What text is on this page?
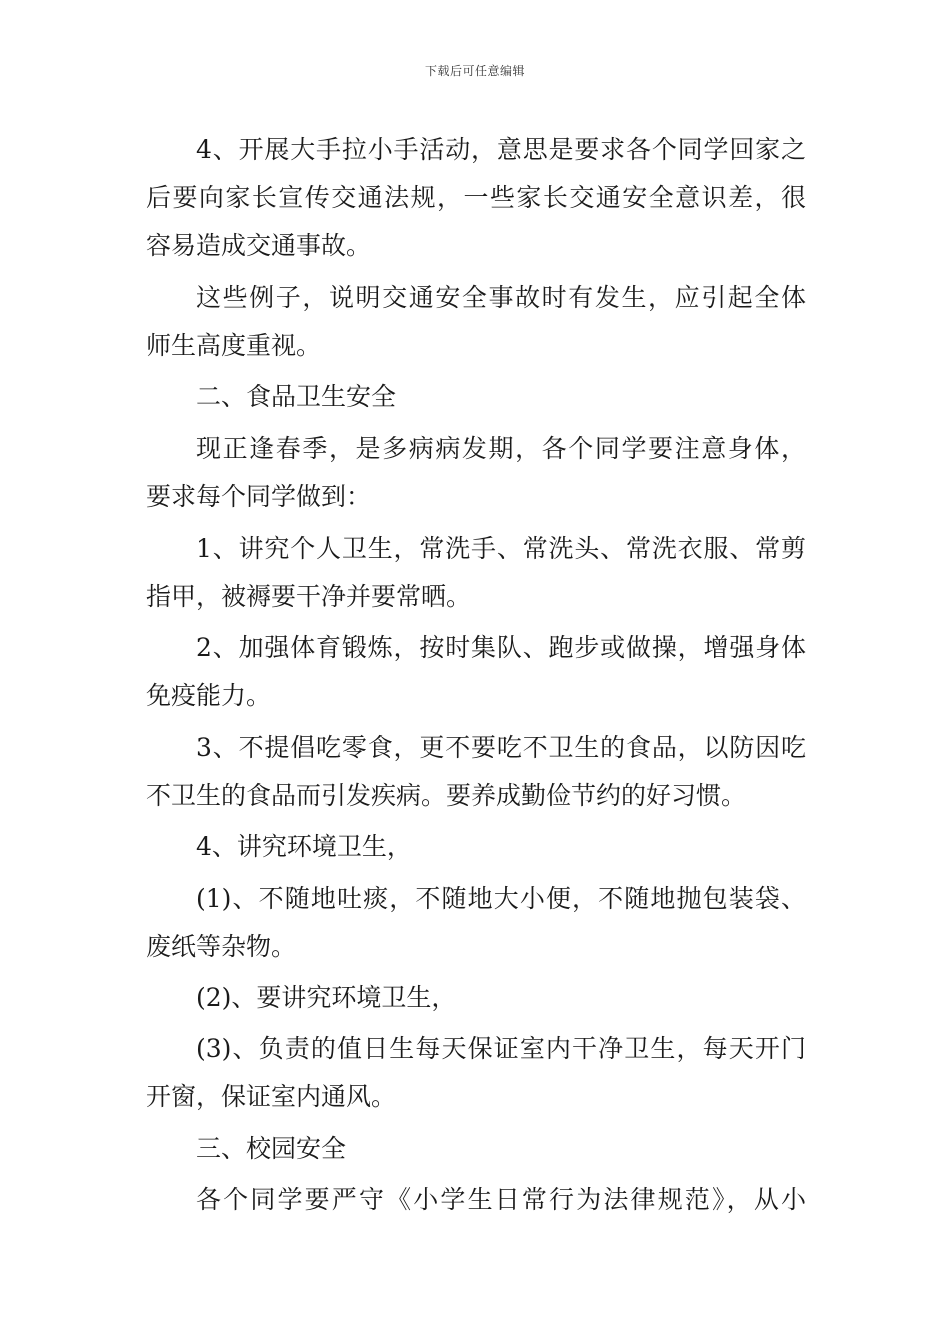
下载后可任意编辑
4、开展大手拉小手活动，意思是要求各个同学回家之
后要向家长宣传交通法规，一些家长交通安全意识差，很
容易造成交通事故。
这些例子，说明交通安全事故时有发生，应引起全体
师生高度重视。
二、食品卫生安全
现正逢春季，是多病病发期，各个同学要注意身体，
要求每个同学做到：
1、讲究个人卫生，常洗手、常洗头、常洗衣服、常剪
指甲，被褥要干净并要常晒。
2、加强体育锻炼，按时集队、跑步或做操，增强身体
免疫能力。
3、不提倡吃零食，更不要吃不卫生的食品，以防因吃
不卫生的食品而引发疾病。要养成勤俭节约的好习惯。
4、讲究环境卫生，
(1)、不随地吐痰，不随地大小便，不随地抛包装袋、
废纸等杂物。
(2)、要讲究环境卫生，
(3)、负责的值日生每天保证室内干净卫生，每天开门
开窗，保证室内通风。
三、校园安全
各个同学要严守《小学生日常行为法律规范》，从小
